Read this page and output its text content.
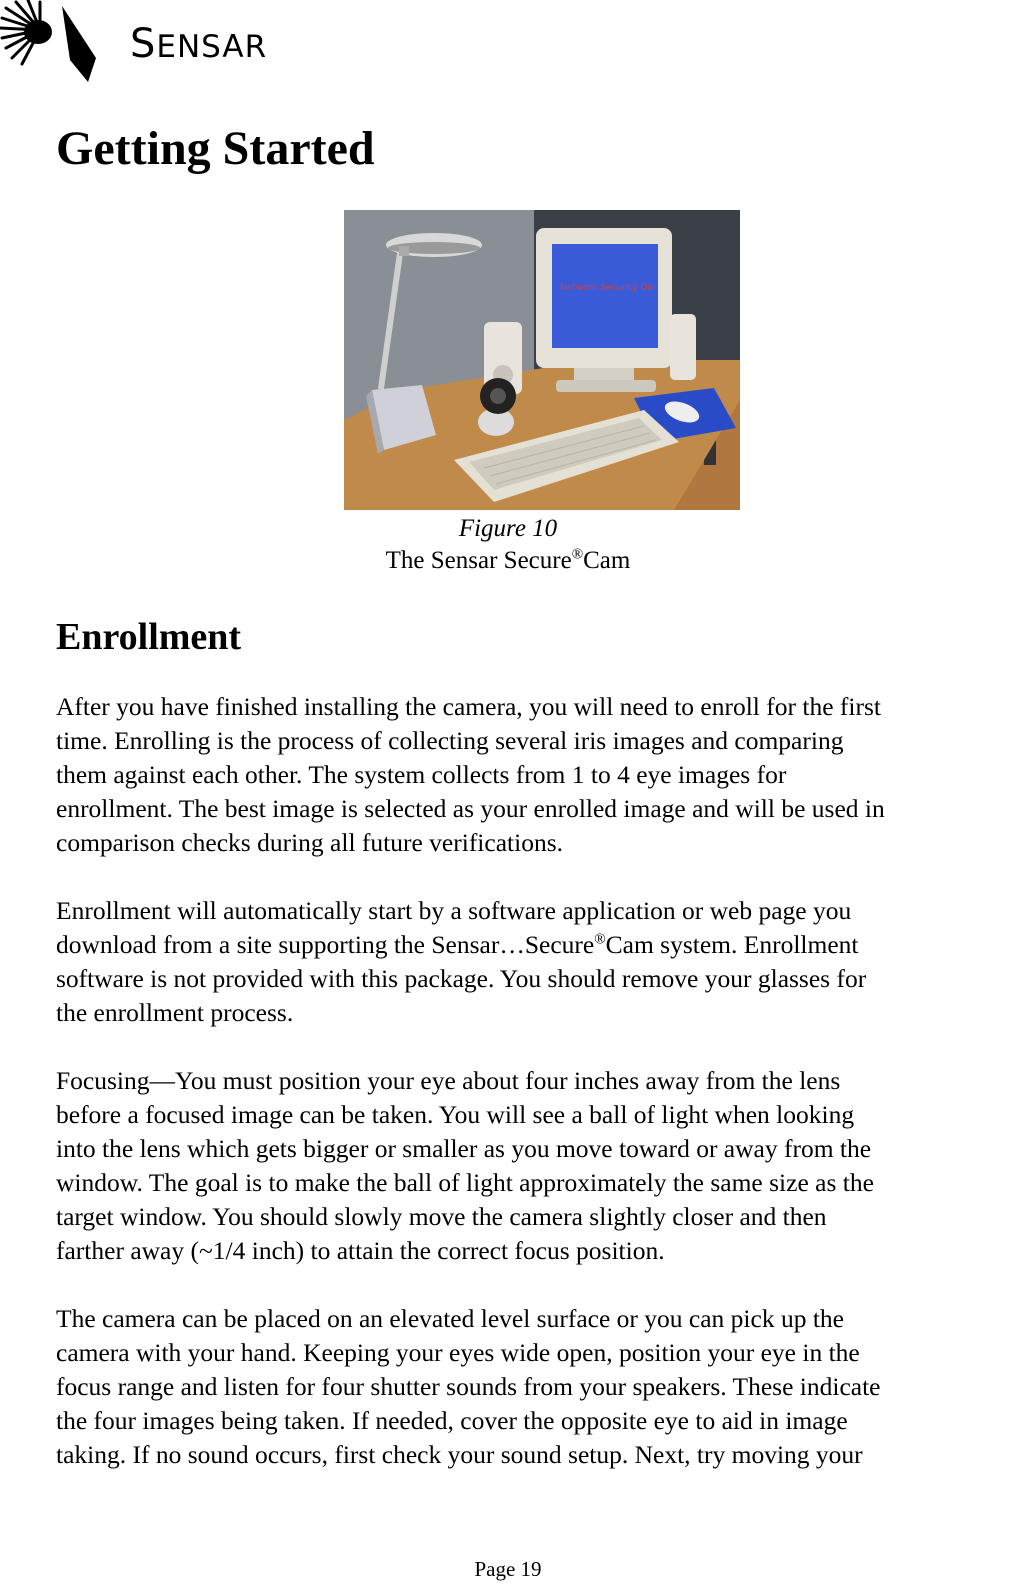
SENSAR
Getting Started
Network Security On
Figure 10
The Sensar Secure®Cam
Enrollment

After you have finished installing the camera, you will need to enroll for the first
time. Enrolling is the process of collecting several iris images and comparing
them against each other. The system collects from 1 to 4 eye images for
enrollment. The best image is selected as your enrolled image and will be used in
comparison checks during all future verifications.

Enrollment will automatically start by a software application or web page you
download from a site supporting the Sensar…Secure®Cam system. Enrollment
software is not provided with this package. You should remove your glasses for
the enrollment process.

Focusing—You must position your eye about four inches away from the lens
before a focused image can be taken. You will see a ball of light when looking
into the lens which gets bigger or smaller as you move toward or away from the
window. The goal is to make the ball of light approximately the same size as the
target window. You should slowly move the camera slightly closer and then
farther away (~1/4 inch) to attain the correct focus position.

The camera can be placed on an elevated level surface or you can pick up the
camera with your hand. Keeping your eyes wide open, position your eye in the
focus range and listen for four shutter sounds from your speakers. These indicate
the four images being taken. If needed, cover the opposite eye to aid in image
taking. If no sound occurs, first check your sound setup. Next, try moving your

Page 19
